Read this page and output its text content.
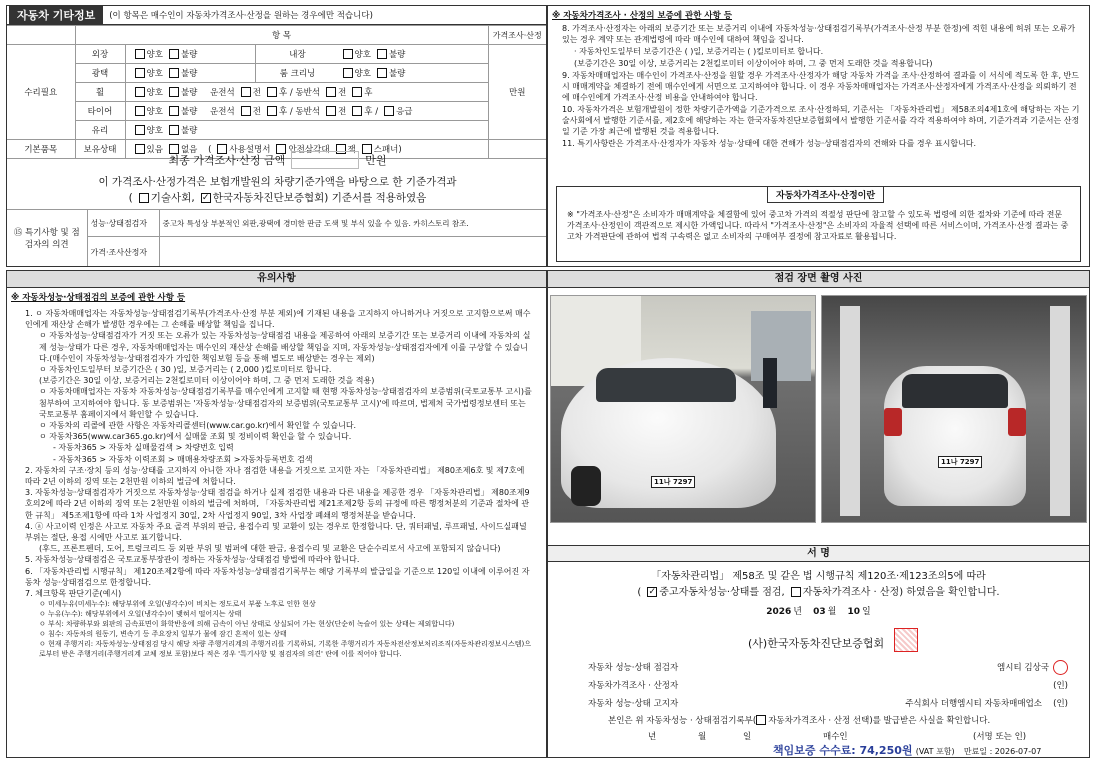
자동차 기타정보	(이 항목은 매수인이 자동차가격조사·산정을 원하는 경우에만 적습니다)
	항 목			가격조사·산정
수리필요	외장	양호 불량	내장 양호 불량	만원
	광택	양호 불량	룸 크리닝 양호 불량	
	휠	양호 불량 운전석 전 후 / 동반석 전 후		
	타이어	양호 불량 운전석 전 후 / 동반석 전 후 / 응급		
	유리	양호 불량		
기본품목	보유상태	있음 없음 ( 사용설명서 안전삼각대 잭 스패너)		
최종 가격조사·산정 금액	만원
이 가격조사·산정가격은 보험개발원의 차량기준가액을 바탕으로 한 기준가격과
( 기술사회, ✓ 한국자동차진단보증협회) 기준서를 적용하였음
⑮ 특기사항 및 점검자의 의견	성능·상태점검자	중고차 특성상 부분적인 외판,광택에 경미한 판금 도색 및 부식 있을 수 있음. 카히스토리 참조.
	가격·조사산정자	
※ 자동차가격조사 · 산정의 보증에 관한 사항 등
8. 가격조사·산정자는 아래의 보증기간 또는 보증거리 이내에 자동차성능·상태점검기록부(가격조사·산정 부분 한정)에 적힌 내용에 허위 또는 오류가 있는 경우 계약 또는 관계법령에 따라 매수인에 대하여 책임을 집니다.
· 자동차인도일부터 보증기간은 ( )일, 보증거리는 ( )킬로미터로 합니다.
(보증기간은 30일 이상, 보증거리는 2천킬로미터 이상이어야 하며, 그 중 먼저 도래한 것을 적용합니다)
9. 자동차매매업자는 매수인이 가격조사·산정을 원할 경우 가격조사·산정자가 해당 자동차 가격을 조사·산정하여 결과를 이 서식에 적도록 한 후, 반드시 매매계약을 체결하기 전에 매수인에게 서면으로 고지하여야 합니다. 이 경우 자동차매매업자는 가격조사·산정자에게 가격조사·산정을 의뢰하기 전에 매수인에게 가격조사·산정 비용을 안내하여야 합니다.
10. 자동차가격은 보험개발원이 정한 차량기준가액을 기준가격으로 조사·산정하되, 기준서는 「자동차관리법」 제58조의4제1호에 해당하는 자는 기술사회에서 발행한 기준서를, 제2호에 해당하는 자는 한국자동차진단보증협회에서 발행한 기준서를 각각 적용하여야 하며, 기준가격과 기준서는 산정일 기준 가장 최근에 발행된 것을 적용합니다.
11. 특기사항란은 가격조사·산정자가 자동차 성능·상태에 대한 견해가 성능·상태점검자의 견해와 다를 경우 표시합니다.
자동차가격조사·산정이란
※ "가격조사·산정"은 소비자가 매매계약을 체결함에 있어 중고차 가격의 적절성 판단에 참고할 수 있도록 법령에 의한 절차와 기준에 따라 전문 가격조사·산정인이 객관적으로 제시한 가액입니다. 따라서 "가격조사·산정"은 소비자의 자율적 선택에 따른 서비스이며, 가격조사·산정 결과는 중고차 가격판단에 관하여 법적 구속력은 없고 소비자의 구매여부 결정에 참고자료로 활용됩니다.
유의사항
※ 자동차성능·상태점검의 보증에 관한 사항 등
1. ㅇ 자동차매매업자는 자동차성능·상태점검기록부(가격조사·산정 부분 제외)에 기재된 내용을 고지하지 아니하거나 거짓으로 고지함으로써 매수인에게 재산상 손해가 발생한 경우에는 그 손해를 배상할 책임을 집니다.
ㅇ 자동차성능·상태점검자가 거짓 또는 오류가 있는 자동차성능·상태점검 내용을 제공하여 아래의 보증기간 또는 보증거리 이내에 자동차의 실제 성능·상태가 다른 경우, 자동차매매업자는 매수인의 재산상 손해를 배상할 책임을 지며, 자동차성능·상태점검자에게 이를 구상할 수 있습니다.(매수인이 자동차성능·상태점검자가 가입한 책임보험 등을 통해 별도로 배상받는 경우는 제외)
ㅇ 자동차인도일부터 보증기간은 ( 30 )일, 보증거리는 ( 2,000 )킬로미터로 합니다.
(보증기간은 30일 이상, 보증거리는 2천킬로미터 이상이어야 하며, 그 중 먼저 도래한 것을 적용)
ㅇ 자동차매매업자는 자동차 자동차성능·상태점검기록부를 매수인에게 고지할 때 현행 자동차성능·상태점검자의 보증범위(국토교통부 고시)를 첨부하여 고지하여야 합니다. 동 보증범위는 '자동차성능·상태점검자의 보증범위(국토교통부 고시)'에 따르며, 법제처 국가법령정보센터 또는 국토교통부 홈페이지에서 확인할 수 있습니다.
ㅇ 자동차의 리콜에 관한 사항은 자동차리콜센터(www.car.go.kr)에서 확인할 수 있습니다.
ㅇ 자동차365(www.car365.go.kr)에서 실매물 조회 및 정비이력 확인을 할 수 있습니다.
- 자동차365 > 자동차 실매물검색 > 차량번호 입력
- 자동차365 > 자동차 이력조회 > 매매용차량조회 >자동차등록번호 검색
2. 자동차의 구조·장치 등의 성능·상태를 고지하지 아니한 자나 점검한 내용을 거짓으로 고지한 자는 「자동차관리법」 제80조제6호 및 제7호에 따라 2년 이하의 징역 또는 2천만원 이하의 벌금에 처합니다.
3. 자동차성능·상태점검자가 거짓으로 자동차성능·상태 점검을 하거나 실제 점검한 내용과 다른 내용을 제공한 경우 「자동차관리법」 제80조제9호의2에 따라 2년 이하의 징역 또는 2천만원 이하의 벌금에 처하며, 「자동차관리법 제21조제2항 등의 규정에 따른 행정처분의 기준과 절차에 관한 규칙」 제5조제1항에 따라 1차 사업정지 30일, 2차 사업정지 90일, 3차 사업장 폐쇄의 행정처분을 받습니다.
4. ⓐ 사고이력 인정은 사고로 자동차 주요 골격 부위의 판금, 용접수리 및 교환이 있는 경우로 한정합니다. 단, 쿼터패널, 루프패널, 사이드실패널 부위는 절단, 용접 시에만 사고로 표기합니다.
(후드, 프론트펜더, 도어, 트렁크리드 등 외판 부위 및 범퍼에 대한 판금, 용접수리 및 교환은 단순수리로서 사고에 포함되지 않습니다)
5. 자동차성능·상태점검은 국토교통부장관이 정하는 자동차성능·상태점검 방법에 따라야 합니다.
6. 「자동차관리법 시행규칙」 제120조제2항에 따라 자동차성능·상태점검기록부는 해당 기록부의 발급일을 기준으로 120일 이내에 이루어진 자동차 성능·상태점검으로 한정합니다.
7. 체크항목 판단기준(예시)
ㅇ 미세누유(미세누수): 해당부위에 오일(냉각수)이 비치는 정도로서 부품 노후로 인한 현상
ㅇ 누유(누수): 해당부위에서 오일(냉각수)이 맺혀서 떨어지는 상태
ㅇ 부식: 차량하부와 외판의 금속표면이 화학반응에 의해 금속이 아닌 상태로 상실되어 가는 현상(단순히 녹슬어 있는 상태는 제외합니다)
ㅇ 침수: 자동차의 원동기, 변속기 등 주요장치 일부가 물에 잠긴 흔적이 있는 상태
ㅇ 현재 주행거리: 자동차성능·상태점검 당시 해당 차량 주행거리계의 주행거리를 기록하되, 기록한 주행거리가 자동차전산정보처리조직(자동차관리정보시스템)으로부터 받은 주행거리(주행거리계 교체 정보 포함)보다 적은 경우 '특기사항 및 점검자의 의견' 란에 이를 적어야 합니다.
점검 장면 촬영 사진
11나 7297
11나 7297
서 명
「자동차관리법」 제58조 및 같은 법 시행규칙 제120조·제123조의5에 따라
( ✓ 중고자동차성능·상태를 점검, 자동차가격조사 · 산정) 하였음을 확인합니다.
2026 년 03 월 10 일
(사)한국자동차진단보증협회
자동차 성능·상태 점검자	엠시티 김상국
자동차가격조사 · 산정자	(인)
자동차 성능·상태 고지자	주식회사 더행엠시티 자동차매매업소	(인)
본인은 위 자동차성능 · 상태점검기록부( 자동차가격조사 · 산정 선택)를 발급받은 사실을 확인합니다.
년	월	일	매수인	(서명 또는 인)
책임보증 수수료: 74,250원 (VAT 포함) 만료일 : 2026-07-07
